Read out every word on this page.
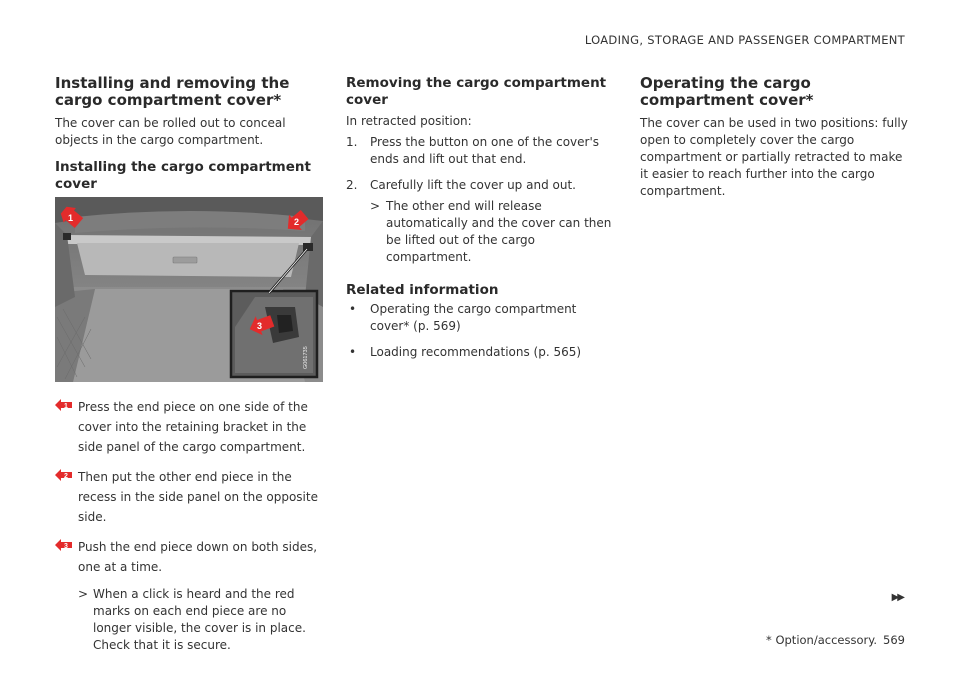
LOADING, STORAGE AND PASSENGER COMPARTMENT
Installing and removing the cargo compartment cover*

The cover can be rolled out to conceal objects in the cargo compartment.

Installing the cargo compartment cover
1	2
3
G061735
1 Press the end piece on one side of the cover into the retaining bracket in the side panel of the cargo compartment.
2 Then put the other end piece in the recess in the side panel on the opposite side.
3 Push the end piece down on both sides, one at a time.
> When a click is heard and the red marks on each end piece are no longer visible, the cover is in place. Check that it is secure.
Removing the cargo compartment cover

In retracted position:

1. Press the button on one of the cover's ends and lift out that end.
2. Carefully lift the cover up and out.
> The other end will release automatically and the cover can then be lifted out of the cargo compartment.
Related information
• Operating the cargo compartment cover* (p. 569)
• Loading recommendations (p. 565)
Operating the cargo compartment cover*

The cover can be used in two positions: fully open to completely cover the cargo compartment or partially retracted to make it easier to reach further into the cargo compartment.

▶▶
* Option/accessory. 569
